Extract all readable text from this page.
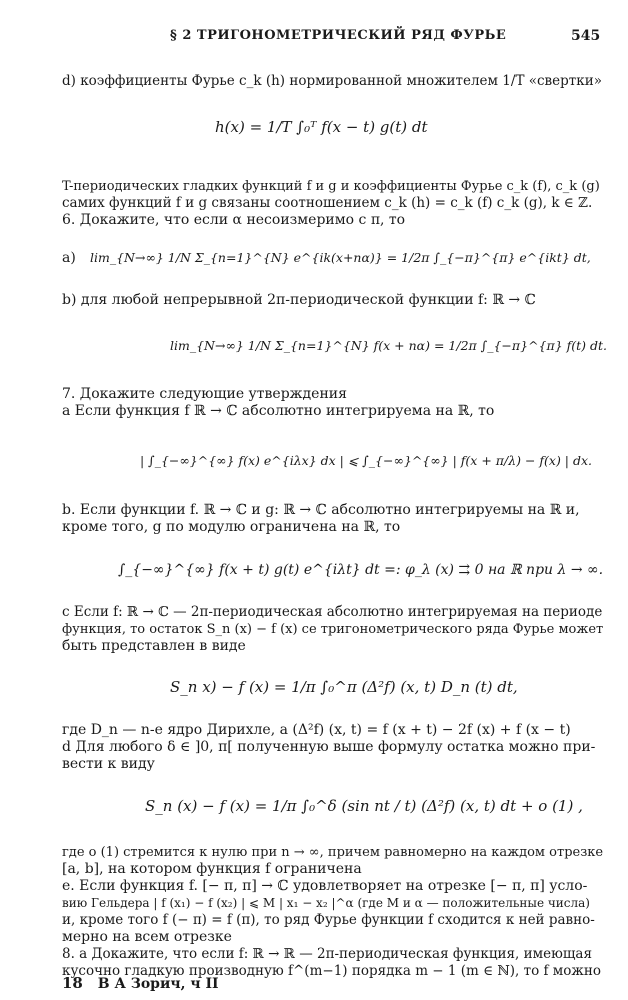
§ 2 ТРИГОНОМЕТРИЧЕСКИЙ РЯД ФУРЬЕ	545
d) коэффициенты Фурье c_k (h) нормированной множителем 1/T «свертки»
h(x) = 1/T ∫₀ᵀ f(x − t) g(t) dt
T-периодических гладких функций f и g и коэффициенты Фурье c_k (f), c_k (g)
самих функций f и g связаны соотношением c_k (h) = c_k (f) c_k (g), k ∈ ℤ.
6. Докажите, что если α несоизмеримо с π, то
a)	lim_{N→∞} 1/N Σ_{n=1}^{N} e^{ik(x+nα)} = 1/2π ∫_{−π}^{π} e^{ikt} dt,
b) для любой непрерывной 2π-периодической функции f: ℝ → ℂ
lim_{N→∞} 1/N Σ_{n=1}^{N} f(x + nα) = 1/2π ∫_{−π}^{π} f(t) dt.
7. Докажите следующие утверждения
a Если функция f ℝ → ℂ абсолютно интегрируема на ℝ, то
| ∫_{−∞}^{∞} f(x) e^{iλx} dx | ⩽ ∫_{−∞}^{∞} | f(x + π/λ) − f(x) | dx.
b. Если функции f. ℝ → ℂ и g: ℝ → ℂ абсолютно интегрируемы на ℝ и,
кроме того, g по модулю ограничена на ℝ, то
∫_{−∞}^{∞} f(x + t) g(t) e^{iλt} dt =: φ_λ (x) ⇉ 0 на ℝ при λ → ∞.
c Если f: ℝ → ℂ — 2π-периодическая абсолютно интегрируемая на периоде
функция, то остаток S_n (x) − f (x) се тригонометрического ряда Фурье может
быть представлен в виде
S_n x) − f (x) = 1/π ∫₀^π (Δ²f) (x, t) D_n (t) dt,
где D_n — n-е ядро Дирихле, а (Δ²f) (x, t) = f (x + t) − 2f (x) + f (x − t)
d Для любого δ ∈ ]0, π[ полученную выше формулу остатка можно при-
вести к виду
S_n (x) − f (x) = 1/π ∫₀^δ (sin nt / t) (Δ²f) (x, t) dt + o (1) ,
где o (1) стремится к нулю при n → ∞, причем равномерно на каждом отрезке
[a, b], на котором функция f ограничена
e. Если функция f. [− π, π] → ℂ удовлетворяет на отрезке [− π, π] усло-
вию Гельдера | f (x₁) − f (x₂) | ⩽ M | x₁ − x₂ |^α (где M и α — положительные числа)
и, кроме того f (− π) = f (π), то ряд Фурье функции f сходится к ней равно-
мерно на всем отрезке
8. a Докажите, что если f: ℝ → ℝ — 2π-периодическая функция, имеющая
кусочно гладкую производную f^(m−1) порядка m − 1 (m ∈ ℕ), то f можно
18 В А Зорич, ч II
